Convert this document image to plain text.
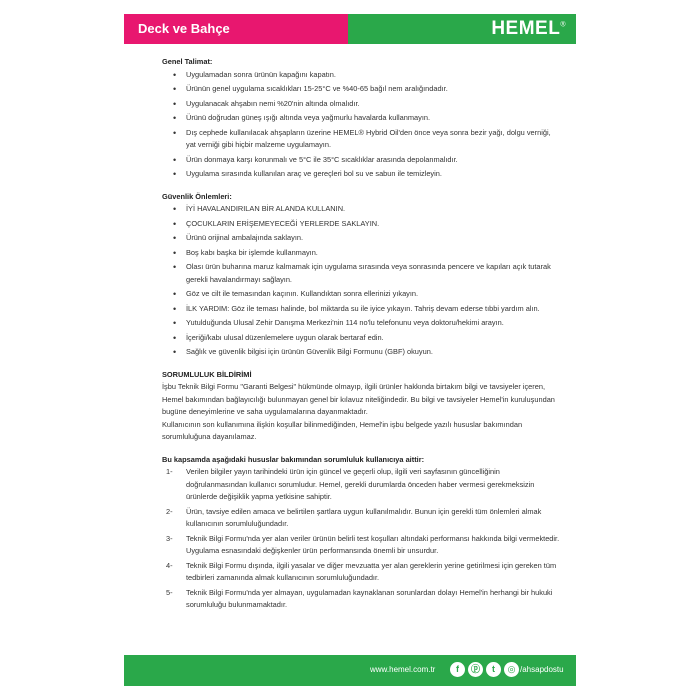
Deck ve Bahçe	HEMEL®

Genel Talimat:

• Uygulamadan sonra ürünün kapağını kapatın.
• Ürünün genel uygulama sıcaklıkları 15-25°C ve %40-65 bağıl nem aralığındadır.
• Uygulanacak ahşabın nemi %20'nin altında olmalıdır.
• Ürünü doğrudan güneş ışığı altında veya yağmurlu havalarda kullanmayın.
• Dış cephede kullanılacak ahşapların üzerine HEMEL® Hybrid Oil'den önce veya sonra bezir yağı, dolgu verniği, yat verniği gibi hiçbir malzeme uygulamayın.
• Ürün donmaya karşı korunmalı ve 5°C ile 35°C sıcaklıklar arasında depolanmalıdır.
• Uygulama sırasında kullanılan araç ve gereçleri bol su ve sabun ile temizleyin.

Güvenlik Önlemleri:

• İYİ HAVALANDIRILAN BİR ALANDA KULLANIN.
• ÇOCUKLARIN ERİŞEMEYECEĞİ YERLERDE SAKLAYIN.
• Ürünü orijinal ambalajında saklayın.
• Boş kabı başka bir işlemde kullanmayın.
• Olası ürün buharına maruz kalmamak için uygulama sırasında veya sonrasında pencere ve kapıları açık tutarak gerekli havalandırmayı sağlayın.
• Göz ve cilt ile temasından kaçının. Kullandıktan sonra ellerinizi yıkayın.
• İLK YARDIM: Göz ile teması halinde, bol miktarda su ile iyice yıkayın. Tahriş devam ederse tıbbi yardım alın.
• Yutulduğunda Ulusal Zehir Danışma Merkezi'nin 114 no'lu telefonunu veya doktoru/hekimi arayın.
• İçeriği/kabı ulusal düzenlemelere uygun olarak bertaraf edin.
• Sağlık ve güvenlik bilgisi için ürünün Güvenlik Bilgi Formunu (GBF) okuyun.

SORUMLULUK BİLDİRİMİ

İşbu Teknik Bilgi Formu "Garanti Belgesi" hükmünde olmayıp, ilgili ürünler hakkında birtakım bilgi ve tavsiyeler içeren, Hemel bakımından bağlayıcılığı bulunmayan genel bir kılavuz niteliğindedir. Bu bilgi ve tavsiyeler Hemel'in kuruluşundan bugüne deneyimlerine ve saha uygulamalarına dayanmaktadır.

Kullanıcının son kullanımına ilişkin koşullar bilinmediğinden, Hemel'in işbu belgede yazılı hususlar bakımından sorumluluğuna dayanılamaz.

Bu kapsamda aşağıdaki hususlar bakımından sorumluluk kullanıcıya aittir:

1- Verilen bilgiler yayın tarihindeki ürün için güncel ve geçerli olup, ilgili veri sayfasının güncelliğinin doğrulanmasından kullanıcı sorumludur. Hemel, gerekli durumlarda önceden haber vermesi gerekmeksizin ürünlerde değişiklik yapma yetkisine sahiptir.
2- Ürün, tavsiye edilen amaca ve belirtilen şartlara uygun kullanılmalıdır. Bunun için gerekli tüm önlemleri almak kullanıcının sorumluluğundadır.
3- Teknik Bilgi Formu'nda yer alan veriler ürünün belirli test koşulları altındaki performansı hakkında bilgi vermektedir. Uygulama esnasındaki değişkenler ürün performansında önemli bir unsurdur.
4- Teknik Bilgi Formu dışında, ilgili yasalar ve diğer mevzuatta yer alan gereklerin yerine getirilmesi için gereken tüm tedbirleri zamanında almak kullanıcının sorumluluğundadır.
5- Teknik Bilgi Formu'nda yer almayan, uygulamadan kaynaklanan sorunlardan dolayı Hemel'in herhangi bir hukuki sorumluluğu bulunmamaktadır.
www.hemel.com.tr	f	ⓟ	t	◎ /ahsapdostu
